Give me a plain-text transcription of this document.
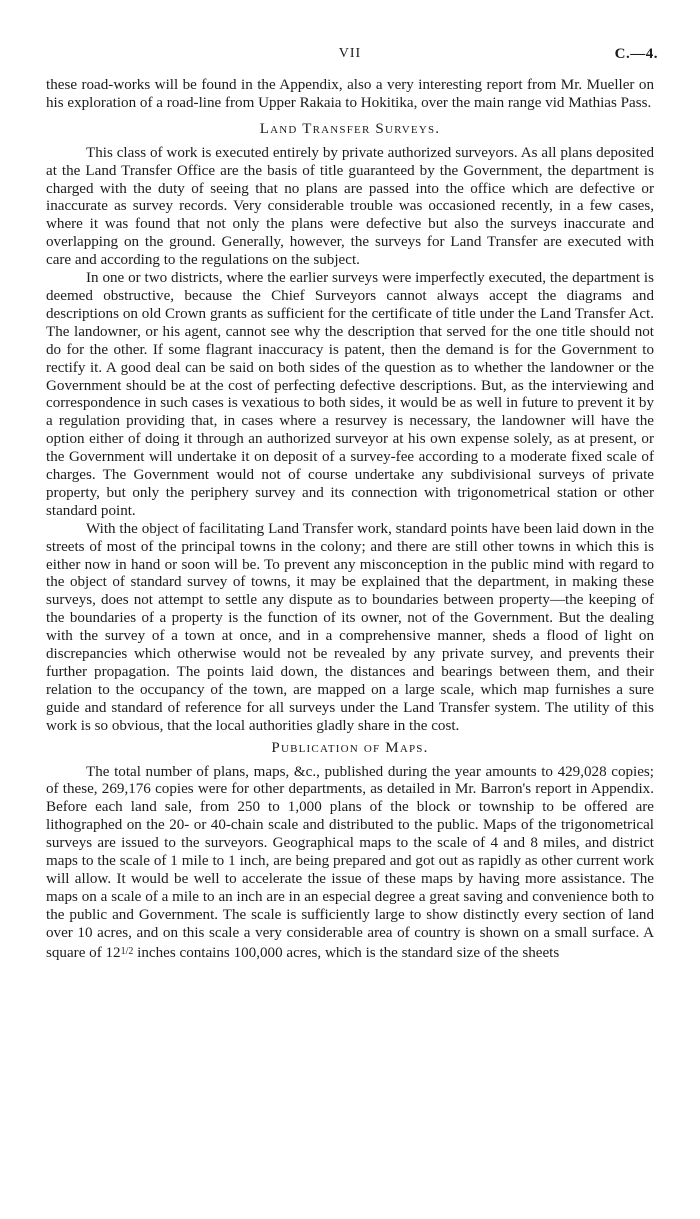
VII	C.—4.

these road-works will be found in the Appendix, also a very interesting report from Mr. Mueller on his exploration of a road-line from Upper Rakaia to Hokitika, over the main range vid Mathias Pass.

Land Transfer Surveys.

This class of work is executed entirely by private authorized surveyors. As all plans deposited at the Land Transfer Office are the basis of title guaranteed by the Government, the department is charged with the duty of seeing that no plans are passed into the office which are defective or inaccurate as survey records. Very considerable trouble was occasioned recently, in a few cases, where it was found that not only the plans were defective but also the surveys inaccurate and overlapping on the ground. Generally, however, the surveys for Land Transfer are executed with care and according to the regulations on the subject.

In one or two districts, where the earlier surveys were imperfectly executed, the department is deemed obstructive, because the Chief Surveyors cannot always accept the diagrams and descriptions on old Crown grants as sufficient for the certificate of title under the Land Transfer Act. The landowner, or his agent, cannot see why the description that served for the one title should not do for the other. If some flagrant inaccuracy is patent, then the demand is for the Government to rectify it. A good deal can be said on both sides of the question as to whether the landowner or the Government should be at the cost of perfecting defective descriptions. But, as the interviewing and correspondence in such cases is vexatious to both sides, it would be as well in future to prevent it by a regulation providing that, in cases where a resurvey is necessary, the landowner will have the option either of doing it through an authorized surveyor at his own expense solely, as at present, or the Government will undertake it on deposit of a survey-fee according to a moderate fixed scale of charges. The Government would not of course undertake any subdivisional surveys of private property, but only the periphery survey and its connection with trigonometrical station or other standard point.

With the object of facilitating Land Transfer work, standard points have been laid down in the streets of most of the principal towns in the colony; and there are still other towns in which this is either now in hand or soon will be. To prevent any misconception in the public mind with regard to the object of standard survey of towns, it may be explained that the department, in making these surveys, does not attempt to settle any dispute as to boundaries between property—the keeping of the boundaries of a property is the function of its owner, not of the Government. But the dealing with the survey of a town at once, and in a comprehensive manner, sheds a flood of light on discrepancies which otherwise would not be revealed by any private survey, and prevents their further propagation. The points laid down, the distances and bearings between them, and their relation to the occupancy of the town, are mapped on a large scale, which map furnishes a sure guide and standard of reference for all surveys under the Land Transfer system. The utility of this work is so obvious, that the local authorities gladly share in the cost.

Publication of Maps.

The total number of plans, maps, &c., published during the year amounts to 429,028 copies; of these, 269,176 copies were for other departments, as detailed in Mr. Barron's report in Appendix. Before each land sale, from 250 to 1,000 plans of the block or township to be offered are lithographed on the 20- or 40-chain scale and distributed to the public. Maps of the trigonometrical surveys are issued to the surveyors. Geographical maps to the scale of 4 and 8 miles, and district maps to the scale of 1 mile to 1 inch, are being prepared and got out as rapidly as other current work will allow. It would be well to accelerate the issue of these maps by having more assistance. The maps on a scale of a mile to an inch are in an especial degree a great saving and convenience both to the public and Government. The scale is sufficiently large to show distinctly every section of land over 10 acres, and on this scale a very considerable area of country is shown on a small surface. A square of 121/2 inches contains 100,000 acres, which is the standard size of the sheets
